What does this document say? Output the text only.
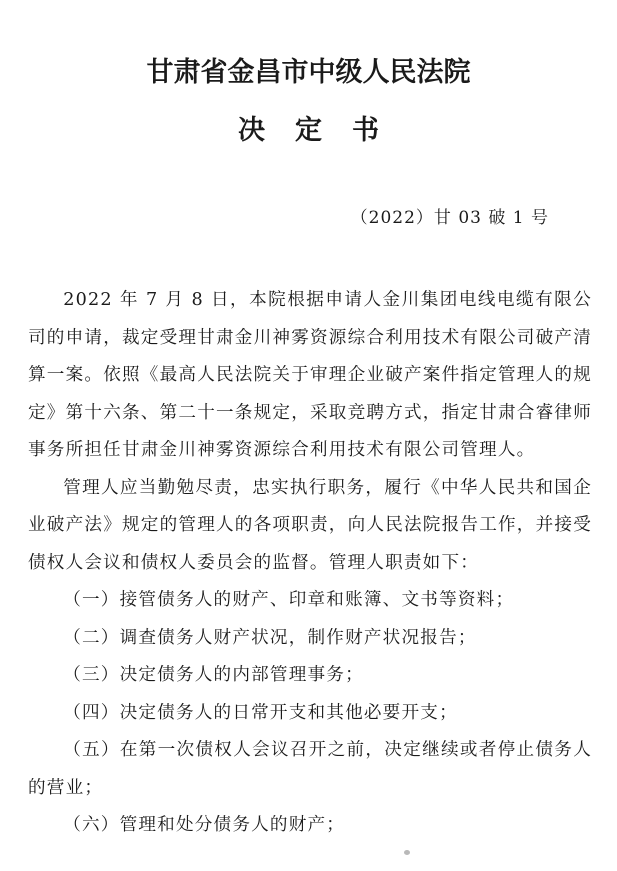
甘肃省金昌市中级人民法院
决定书
（2022）甘 03 破 1 号

2022 年 7 月 8 日，本院根据申请人金川集团电线电缆有限公司的申请，裁定受理甘肃金川神雾资源综合利用技术有限公司破产清算一案。依照《最高人民法院关于审理企业破产案件指定管理人的规定》第十六条、第二十一条规定，采取竞聘方式，指定甘肃合睿律师事务所担任甘肃金川神雾资源综合利用技术有限公司管理人。

管理人应当勤勉尽责，忠实执行职务，履行《中华人民共和国企业破产法》规定的管理人的各项职责，向人民法院报告工作，并接受债权人会议和债权人委员会的监督。管理人职责如下：

（一）接管债务人的财产、印章和账簿、文书等资料；

（二）调查债务人财产状况，制作财产状况报告；

（三）决定债务人的内部管理事务；

（四）决定债务人的日常开支和其他必要开支；

（五）在第一次债权人会议召开之前，决定继续或者停止债务人的营业；

（六）管理和处分债务人的财产；
